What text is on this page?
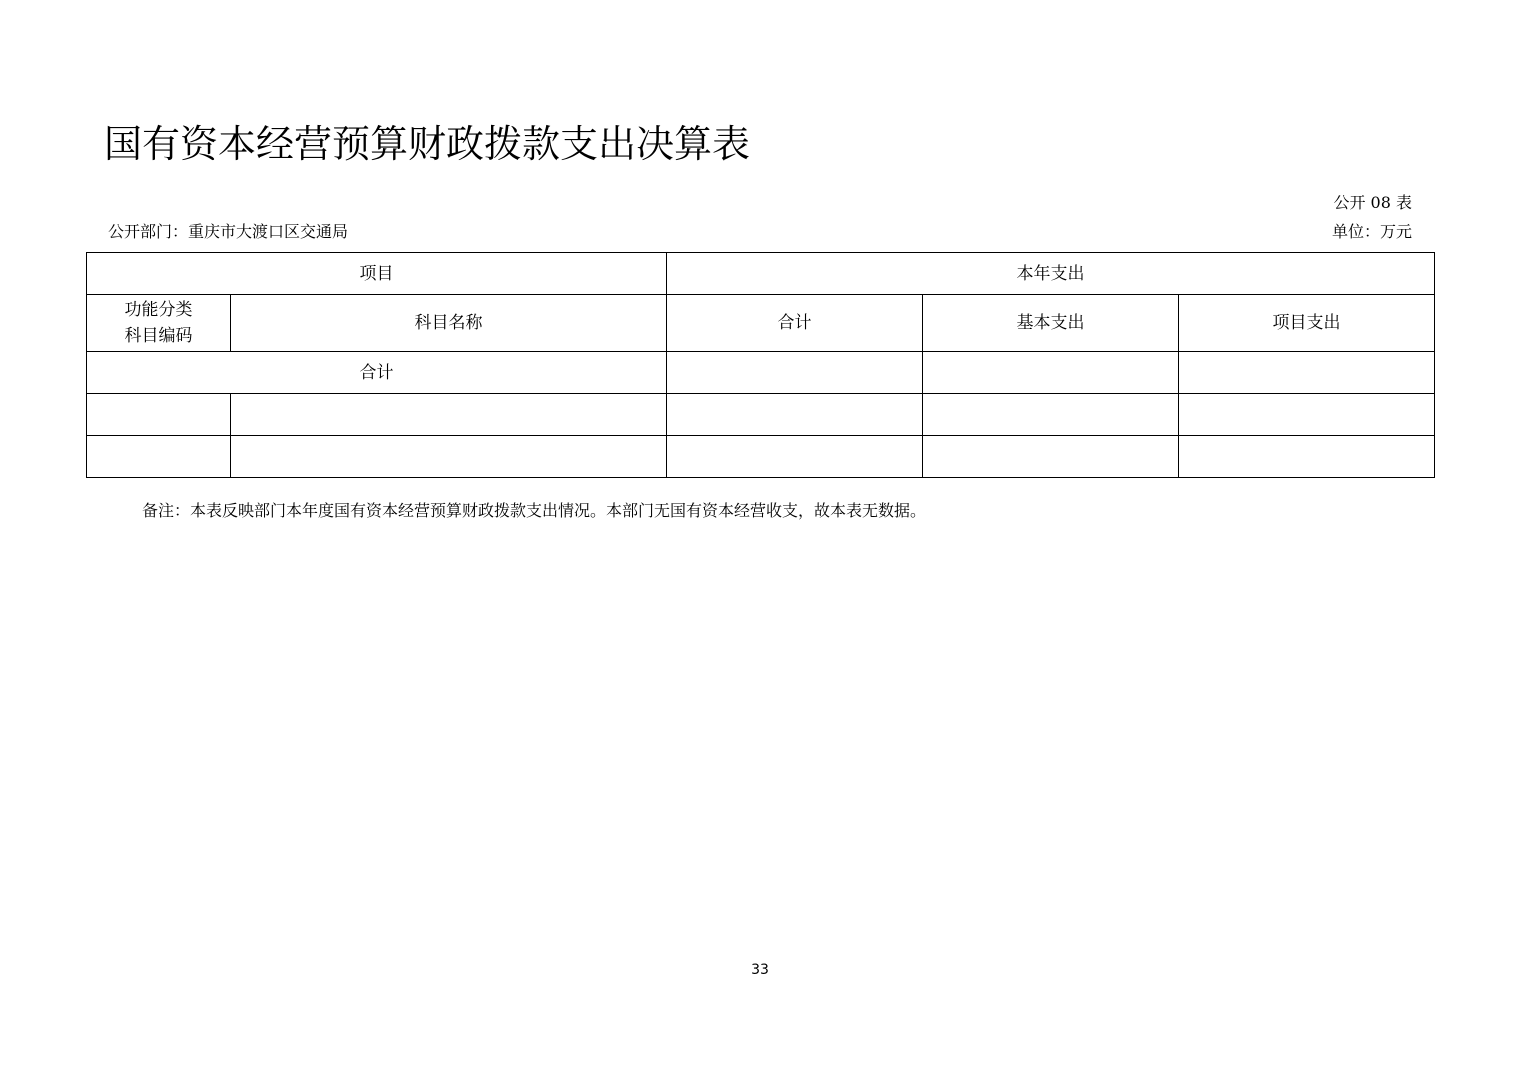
国有资本经营预算财政拨款支出决算表
公开 08 表
公开部门：重庆市大渡口区交通局	单位：万元
项目		本年支出		
功能分类
科目编码	科目名称	合计	基本支出	项目支出
合计				

备注：本表反映部门本年度国有资本经营预算财政拨款支出情况。本部门无国有资本经营收支，故本表无数据。
33
